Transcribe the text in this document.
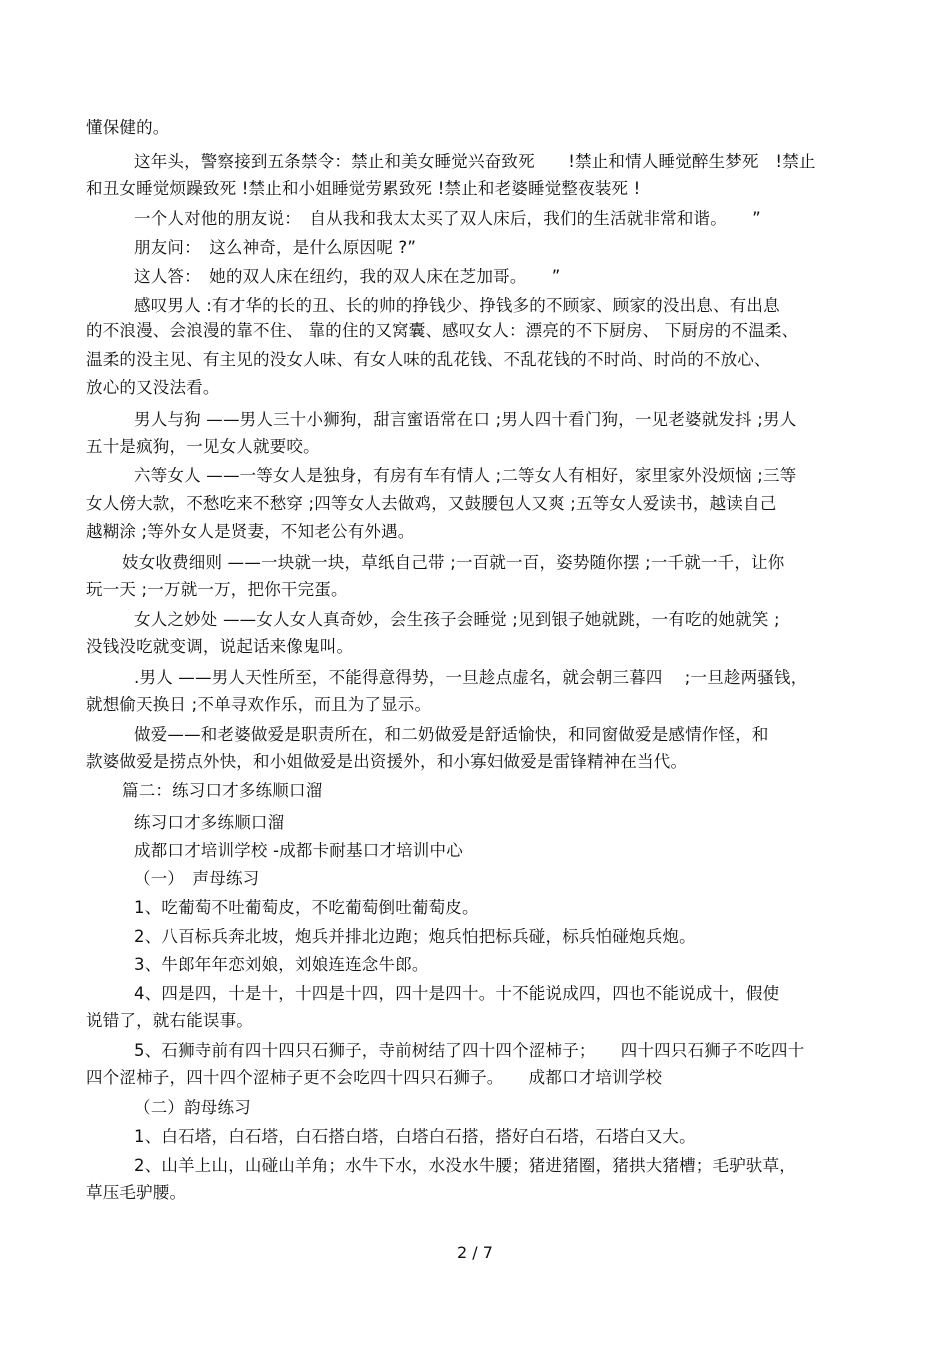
懂保健的。

这年头，警察接到五条禁令：禁止和美女睡觉兴奋致死　　!禁止和情人睡觉醉生梦死　!禁止

和丑女睡觉烦躁致死 !禁止和小姐睡觉劳累致死 !禁止和老婆睡觉整夜装死 !

一个人对他的朋友说：　自从我和我太太买了双人床后，我们的生活就非常和谐。　　”

朋友问：　这么神奇，是什么原因呢 ?”

这人答：　她的双人床在纽约，我的双人床在芝加哥。　　”

感叹男人 :有才华的长的丑、长的帅的挣钱少、挣钱多的不顾家、顾家的没出息、有出息

的不浪漫、会浪漫的靠不住、 靠的住的又窝囊、感叹女人：漂亮的不下厨房、 下厨房的不温柔、

温柔的没主见、有主见的没女人味、有女人味的乱花钱、不乱花钱的不时尚、时尚的不放心、

放心的又没法看。

男人与狗 ——男人三十小狮狗，甜言蜜语常在口 ;男人四十看门狗，一见老婆就发抖 ;男人

五十是疯狗，一见女人就要咬。

六等女人 ——一等女人是独身，有房有车有情人 ;二等女人有相好，家里家外没烦恼 ;三等

女人傍大款，不愁吃来不愁穿 ;四等女人去做鸡，又鼓腰包人又爽 ;五等女人爱读书，越读自己

越糊涂 ;等外女人是贤妻，不知老公有外遇。

妓女收费细则 ——一块就一块，草纸自己带 ;一百就一百，姿势随你摆 ;一千就一千，让你

玩一天 ;一万就一万，把你干完蛋。

女人之妙处 ——女人女人真奇妙，会生孩子会睡觉 ;见到银子她就跳，一有吃的她就笑 ;

没钱没吃就变调，说起话来像鬼叫。

.男人 ——男人天性所至，不能得意得势，一旦趁点虚名，就会朝三暮四　 ;一旦趁两骚钱，

就想偷天换日 ;不单寻欢作乐，而且为了显示。

做爱——和老婆做爱是职责所在，和二奶做爱是舒适愉快，和同窗做爱是感情作怪，和

款婆做爱是捞点外快，和小姐做爱是出资援外，和小寡妇做爱是雷锋精神在当代。

篇二：练习口才多练顺口溜

练习口才多练顺口溜

成都口才培训学校 -成都卡耐基口才培训中心

（一）　声母练习

1、吃葡萄不吐葡萄皮，不吃葡萄倒吐葡萄皮。

2、八百标兵奔北坡，炮兵并排北边跑；炮兵怕把标兵碰，标兵怕碰炮兵炮。

3、牛郎年年恋刘娘，刘娘连连念牛郎。

4、四是四，十是十，十四是十四，四十是四十。十不能说成四，四也不能说成十，假使

说错了，就右能误事。

5、石狮寺前有四十四只石狮子，寺前树结了四十四个涩柿子；　　四十四只石狮子不吃四十

四个涩柿子，四十四个涩柿子更不会吃四十四只石狮子。　　成都口才培训学校

（二）韵母练习

1、白石塔，白石塔，白石搭白塔，白塔白石搭，搭好白石塔，石塔白又大。

2、山羊上山，山碰山羊角；水牛下水，水没水牛腰；猪进猪圈，猪拱大猪槽；毛驴驮草，

草压毛驴腰。

2 / 7
